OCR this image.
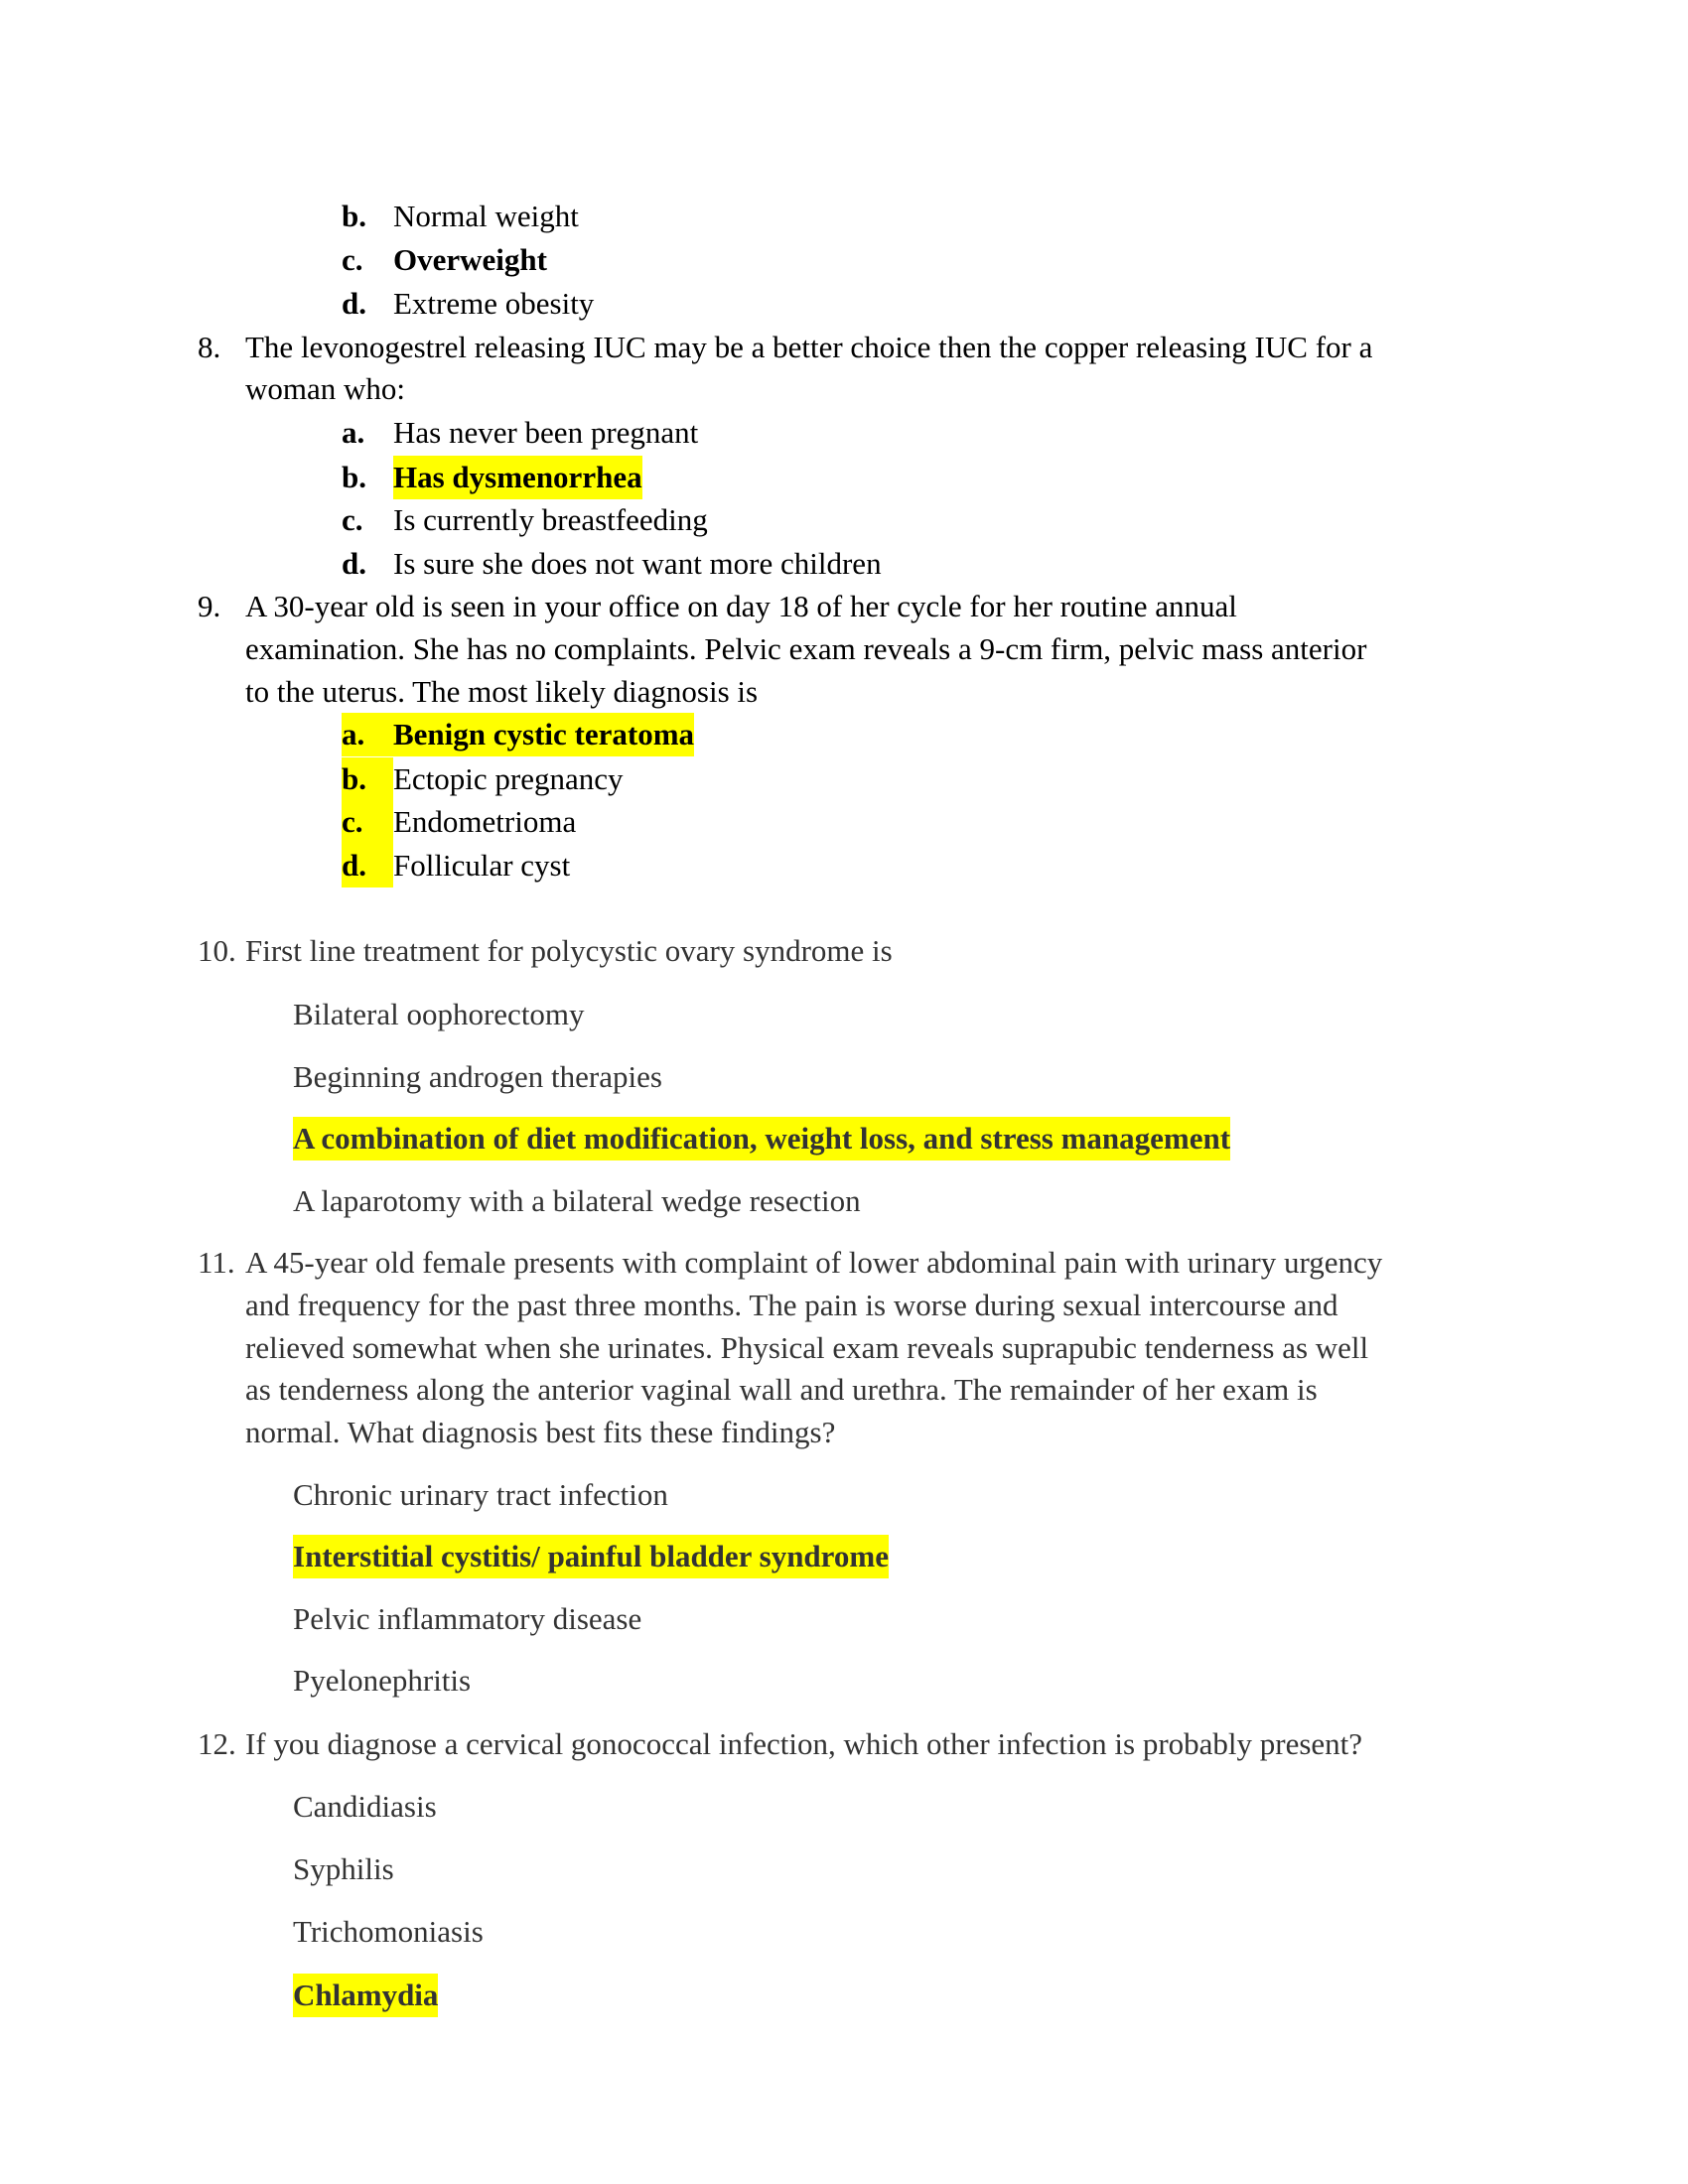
b. Normal weight
c. Overweight
d. Extreme obesity
8. The levonogestrel releasing IUC may be a better choice then the copper releasing IUC for a
woman who:
a. Has never been pregnant
b. Has dysmenorrhea
c. Is currently breastfeeding
d. Is sure she does not want more children
9. A 30-year old is seen in your office on day 18 of her cycle for her routine annual
examination. She has no complaints. Pelvic exam reveals a 9-cm firm, pelvic mass anterior
to the uterus. The most likely diagnosis is
a. Benign cystic teratoma
b. Ectopic pregnancy
c. Endometrioma
d. Follicular cyst
10. First line treatment for polycystic ovary syndrome is
Bilateral oophorectomy
Beginning androgen therapies
A combination of diet modification, weight loss, and stress management
A laparotomy with a bilateral wedge resection
11. A 45-year old female presents with complaint of lower abdominal pain with urinary urgency
and frequency for the past three months. The pain is worse during sexual intercourse and
relieved somewhat when she urinates. Physical exam reveals suprapubic tenderness as well
as tenderness along the anterior vaginal wall and urethra. The remainder of her exam is
normal. What diagnosis best fits these findings?
Chronic urinary tract infection
Interstitial cystitis/ painful bladder syndrome
Pelvic inflammatory disease
Pyelonephritis
12. If you diagnose a cervical gonococcal infection, which other infection is probably present?
Candidiasis
Syphilis
Trichomoniasis
Chlamydia
